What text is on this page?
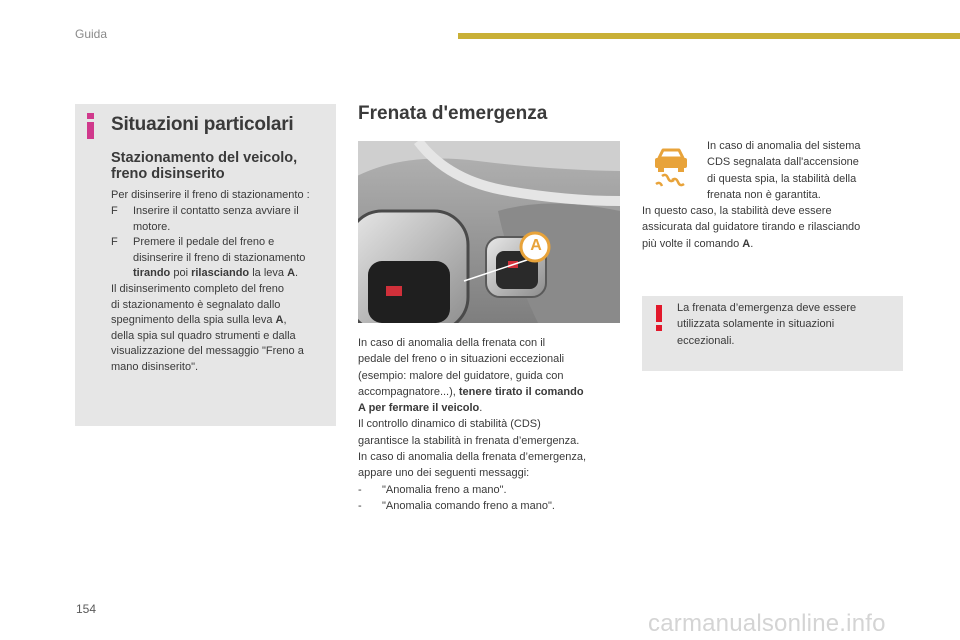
Guida
Situazioni particolari
Stazionamento del veicolo,
freno disinserito
Per disinserire il freno di stazionamento :
F Inserire il contatto senza avviare il
motore.
F Premere il pedale del freno e
disinserire il freno di stazionamento
tirando poi rilasciando la leva A.
Il disinserimento completo del freno
di stazionamento è segnalato dallo
spegnimento della spia sulla leva A,
della spia sul quadro strumenti e dalla
visualizzazione del messaggio "Freno a
mano disinserito".
Frenata d'emergenza
A
In caso di anomalia della frenata con il
pedale del freno o in situazioni eccezionali
(esempio: malore del guidatore, guida con
accompagnatore...), tenere tirato il comando
A per fermare il veicolo.
Il controllo dinamico di stabilità (CDS)
garantisce la stabilità in frenata d’emergenza.
In caso di anomalia della frenata d’emergenza,
appare uno dei seguenti messaggi:
- "Anomalia freno a mano".
- "Anomalia comando freno a mano".
In caso di anomalia del sistema
CDS segnalata dall'accensione
di questa spia, la stabilità della
frenata non è garantita.
In questo caso, la stabilità deve essere
assicurata dal guidatore tirando e rilasciando
più volte il comando A.
La frenata d’emergenza deve essere
utilizzata solamente in situazioni
eccezionali.
154
carmanualsonline.info
